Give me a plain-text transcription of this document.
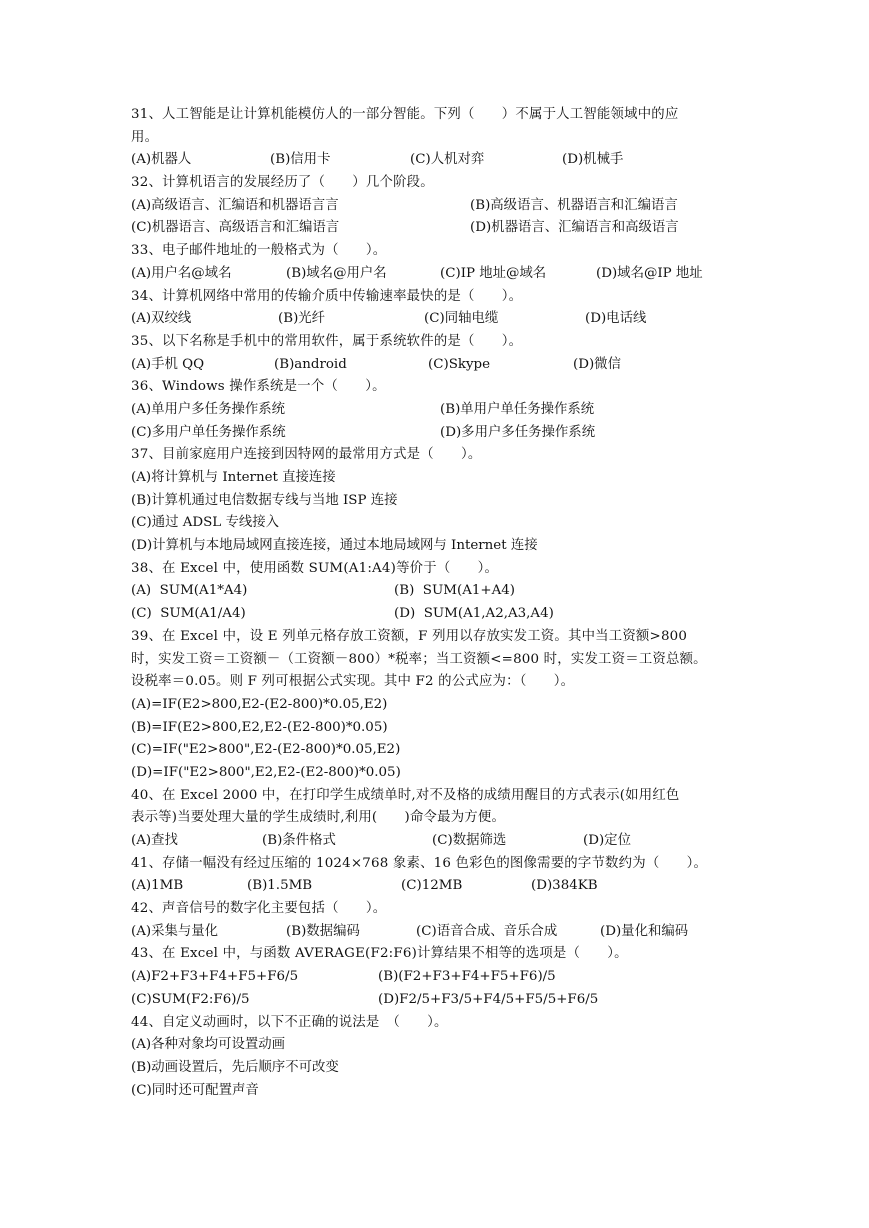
31、人工智能是让计算机能模仿人的一部分智能。下列（　　）不属于人工智能领域中的应
用。
(A)机器人	(B)信用卡	(C)人机对弈	(D)机械手
32、计算机语言的发展经历了（　　）几个阶段。
(A)高级语言、汇编语和机器语言言	(B)高级语言、机器语言和汇编语言
(C)机器语言、高级语言和汇编语言	(D)机器语言、汇编语言和高级语言
33、电子邮件地址的一般格式为（　　）。
(A)用户名@域名	(B)域名@用户名	(C)IP 地址@域名	(D)域名@IP 地址
34、计算机网络中常用的传输介质中传输速率最快的是（　　）。
(A)双绞线	(B)光纤	(C)同轴电缆	(D)电话线
35、以下名称是手机中的常用软件，属于系统软件的是（　　）。
(A)手机 QQ	(B)android	(C)Skype	(D)微信
36、Windows 操作系统是一个（　　）。
(A)单用户多任务操作系统	(B)单用户单任务操作系统
(C)多用户单任务操作系统	(D)多用户多任务操作系统
37、目前家庭用户连接到因特网的最常用方式是（　　）。
(A)将计算机与 Internet 直接连接
(B)计算机通过电信数据专线与当地 ISP 连接
(C)通过 ADSL 专线接入
(D)计算机与本地局域网直接连接，通过本地局域网与 Internet 连接
38、在 Excel 中，使用函数 SUM(A1:A4)等价于（　　）。
(A)  SUM(A1*A4)	(B)  SUM(A1+A4)
(C)  SUM(A1/A4)	(D)  SUM(A1,A2,A3,A4)
39、在 Excel 中，设 E 列单元格存放工资额，F 列用以存放实发工资。其中当工资额>800
时，实发工资＝工资额－（工资额－800）*税率；当工资额<=800 时，实发工资＝工资总额。
设税率＝0.05。则 F 列可根据公式实现。其中 F2 的公式应为：（　　）。
(A)=IF(E2>800,E2-(E2-800)*0.05,E2)
(B)=IF(E2>800,E2,E2-(E2-800)*0.05)
(C)=IF("E2>800",E2-(E2-800)*0.05,E2)
(D)=IF("E2>800",E2,E2-(E2-800)*0.05)
40、在 Excel 2000 中，在打印学生成绩单时,对不及格的成绩用醒目的方式表示(如用红色
表示等)当要处理大量的学生成绩时,利用(　　)命令最为方便。
(A)查找	(B)条件格式	(C)数据筛选	(D)定位
41、存储一幅没有经过压缩的 1024×768 象素、16 色彩色的图像需要的字节数约为（　　）。
(A)1MB	(B)1.5MB	(C)12MB	(D)384KB
42、声音信号的数字化主要包括（　　）。
(A)采集与量化	(B)数据编码	(C)语音合成、音乐合成	(D)量化和编码
43、在 Excel 中，与函数 AVERAGE(F2:F6)计算结果不相等的选项是（　　）。
(A)F2+F3+F4+F5+F6/5	(B)(F2+F3+F4+F5+F6)/5
(C)SUM(F2:F6)/5	(D)F2/5+F3/5+F4/5+F5/5+F6/5
44、自定义动画时，以下不正确的说法是　（　　）。
(A)各种对象均可设置动画
(B)动画设置后，先后顺序不可改变
(C)同时还可配置声音
